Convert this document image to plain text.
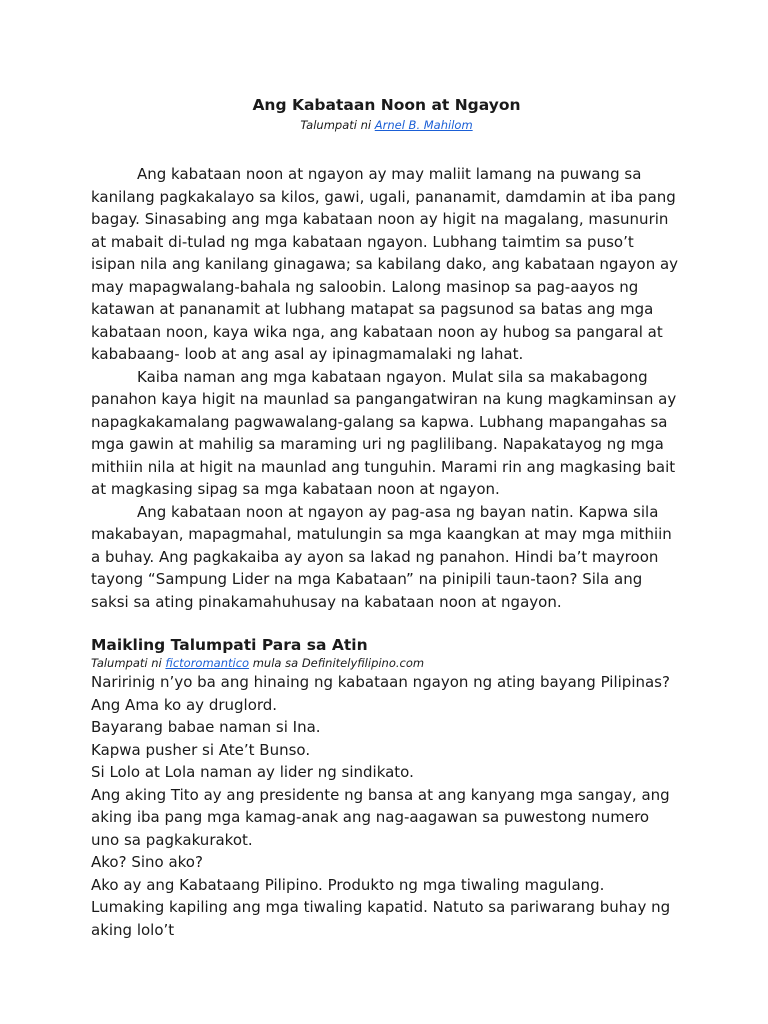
Ang Kabataan Noon at Ngayon

Talumpati ni Arnel B. Mahilom

Ang kabataan noon at ngayon ay may maliit lamang na puwang sa kanilang pagkakalayo sa kilos, gawi, ugali, pananamit, damdamin at iba pang bagay. Sinasabing ang mga kabataan noon ay higit na magalang, masunurin at mabait di-tulad ng mga kabataan ngayon. Lubhang taimtim sa puso’t isipan nila ang kanilang ginagawa; sa kabilang dako, ang kabataan ngayon ay may mapagwalang-bahala ng saloobin. Lalong masinop sa pag-aayos ng katawan at pananamit at lubhang matapat sa pagsunod sa batas ang mga kabataan noon, kaya wika nga, ang kabataan noon ay hubog sa pangaral at kababaang- loob at ang asal ay ipinagmamalaki ng lahat.

Kaiba naman ang mga kabataan ngayon. Mulat sila sa makabagong panahon kaya higit na maunlad sa pangangatwiran na kung magkaminsan ay napagkakamalang pagwawalang-galang sa kapwa. Lubhang mapangahas sa mga gawin at mahilig sa maraming uri ng paglilibang. Napakatayog ng mga mithiin nila at higit na maunlad ang tunguhin. Marami rin ang magkasing bait at magkasing sipag sa mga kabataan noon at ngayon.

Ang kabataan noon at ngayon ay pag-asa ng bayan natin. Kapwa sila makabayan, mapagmahal, matulungin sa mga kaangkan at may mga mithiin a buhay. Ang pagkakaiba ay ayon sa lakad ng panahon. Hindi ba’t mayroon tayong “Sampung Lider na mga Kabataan” na pinipili taun-taon? Sila ang saksi sa ating pinakamahuhusay na kabataan noon at ngayon.

Maikling Talumpati Para sa Atin

Talumpati ni fictoromantico mula sa Definitelyfilipino.com

Naririnig n’yo ba ang hinaing ng kabataan ngayon ng ating bayang Pilipinas?

Ang Ama ko ay druglord.

Bayarang babae naman si Ina.

Kapwa pusher si Ate’t Bunso.

Si Lolo at Lola naman ay lider ng sindikato.

Ang aking Tito ay ang presidente ng bansa at ang kanyang mga sangay, ang aking iba pang mga kamag-anak ang nag-aagawan sa puwestong numero uno sa pagkakurakot.

Ako? Sino ako?

Ako ay ang Kabataang Pilipino. Produkto ng mga tiwaling magulang. Lumaking kapiling ang mga tiwaling kapatid. Natuto sa pariwarang buhay ng aking lolo’t
